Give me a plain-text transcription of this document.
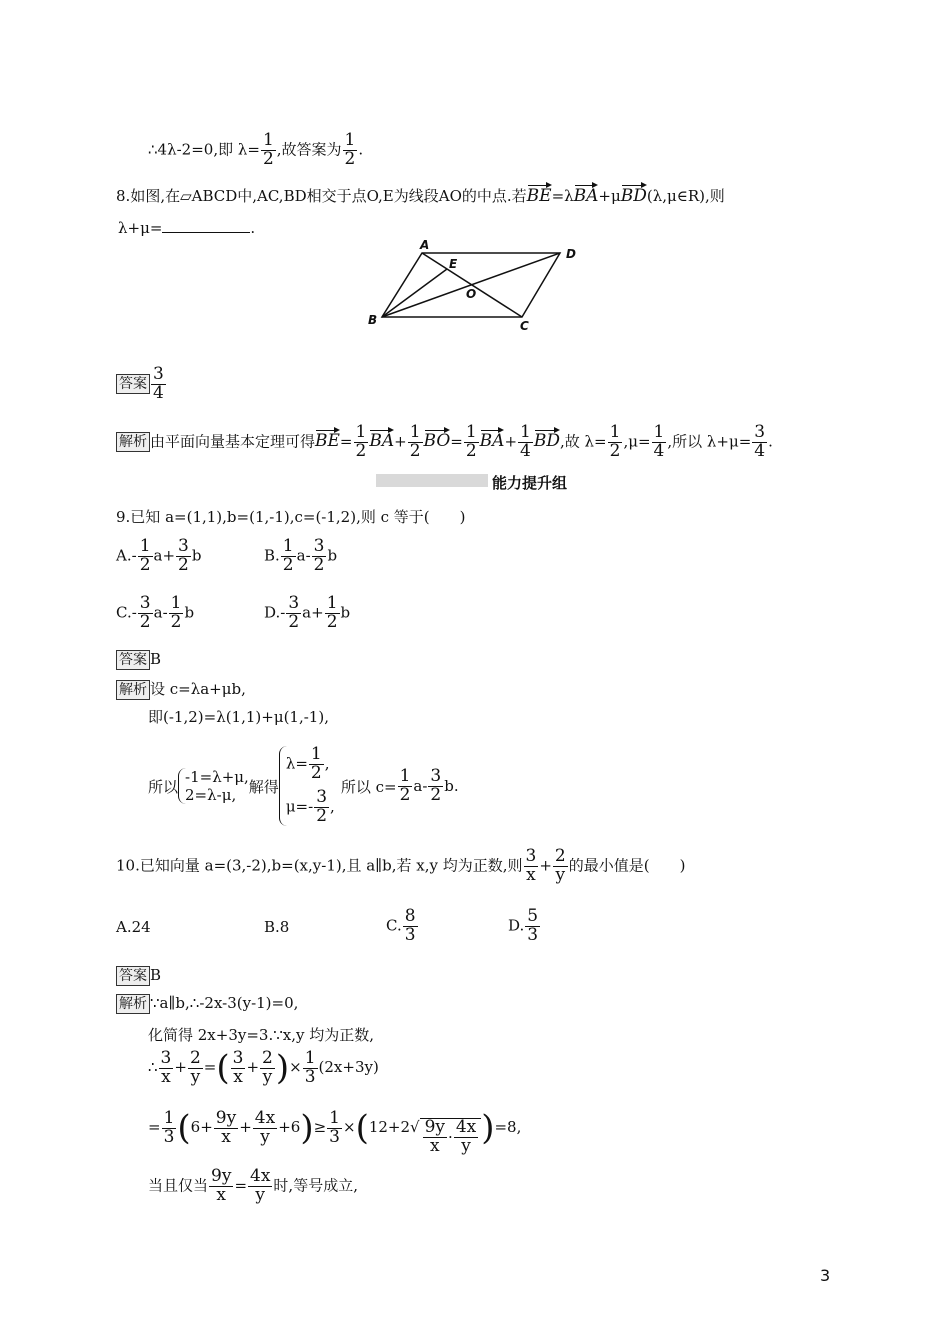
∴4λ-2=0,即 $\lambda= \frac{1}{2}$ ,故答案为 $\frac{1}{2}$ .
8.如图,在▱ABCD中,AC,BD相交于点O,E为线段AO的中点.若BE=λBA+μBD(λ,μ∈R),则
λ+μ=	.
A
D
E
O
B	C
答案 $\frac{3}{4}$
解析 由平面向量基本定理可得$BE= \frac{1}{2} BA+ \frac{1}{2} BO= \frac{1}{2} BA+ \frac{1}{4}$ BD,故 $\lambda= \frac{1}{2} ,\mu= \frac{1}{4}$ ,所以 $\lambda+\mu= \frac{3}{4}$ .
能力提升组
9.已知 a=(1,1),b=(1,-1),c=(-1,2),则 c 等于(　　)
$A.- \frac{1}{2} a+ \frac{3}{2}$ b	B. $\frac{1}{2} a- \frac{3}{2}$ b
$C.- \frac{3}{2} a- \frac{1}{2}$ b	$D.- \frac{3}{2} a+ \frac{1}{2}$ b
答案 B
解析 设 c=λa+μb,
即(-1,2)=λ(1,1)+μ(1,-1),
所以
-1=λ+μ,
2=λ-μ, 解得
$\lambda= \frac{1}{2}$ ,
$\mu=- \frac{3}{2}$ ,
所以 $c= \frac{1}{2}$ a - $\frac{3}{2}$ b .
10.已知向量 a=(3,-2),b=(x,y-1),且 a∥b,若 x,y 均为正数,则 $\frac{3}{x} + \frac{2}{y}$ 的最小值是(　　)
A.24	B.8	C. $\frac{8}{3}$	D. $\frac{5}{3}$
答案 B
解析 ∵a∥b,∴-2x-3(y-1)=0,
化简得 2x+3y=3.∵x,y 均为正数,
∴ $\frac{3}{x} + \frac{2}{y}$ =( $\frac{3}{x} + \frac{2}{y}$ )× $\frac{1}{3} (2x+3y)$
= $\frac{1}{3} (6+ \frac{9y}{x} + \frac{4x}{y} +6)\ge \frac{1}{3} \times(12+2√ \frac{9y}{x} \cdot \frac{4x}{y} )=8$,
当且仅当 $\frac{9y}{x} = \frac{4x}{y}$ 时,等号成立,
3
